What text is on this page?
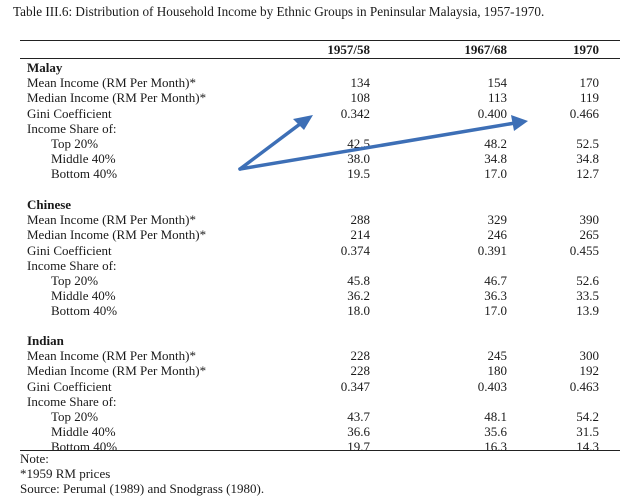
Table III.6: Distribution of Household Income by Ethnic Groups in Peninsular Malaysia, 1957-1970.
1957/58	1967/68	1970
Malay
Mean Income (RM Per Month)*	134	154	170
Median Income (RM Per Month)*	108	113	119
Gini Coefficient	0.342	0.400	0.466
Income Share of:
Top 20%	42.5	48.2	52.5
Middle 40%	38.0	34.8	34.8
Bottom 40%	19.5	17.0	12.7
Chinese
Mean Income (RM Per Month)*	288	329	390
Median Income (RM Per Month)*	214	246	265
Gini Coefficient	0.374	0.391	0.455
Income Share of:
Top 20%	45.8	46.7	52.6
Middle 40%	36.2	36.3	33.5
Bottom 40%	18.0	17.0	13.9
Indian
Mean Income (RM Per Month)*	228	245	300
Median Income (RM Per Month)*	228	180	192
Gini Coefficient	0.347	0.403	0.463
Income Share of:
Top 20%	43.7	48.1	54.2
Middle 40%	36.6	35.6	31.5
Bottom 40%	19.7	16.3	14.3
Note:
*1959 RM prices
Source: Perumal (1989) and Snodgrass (1980).
